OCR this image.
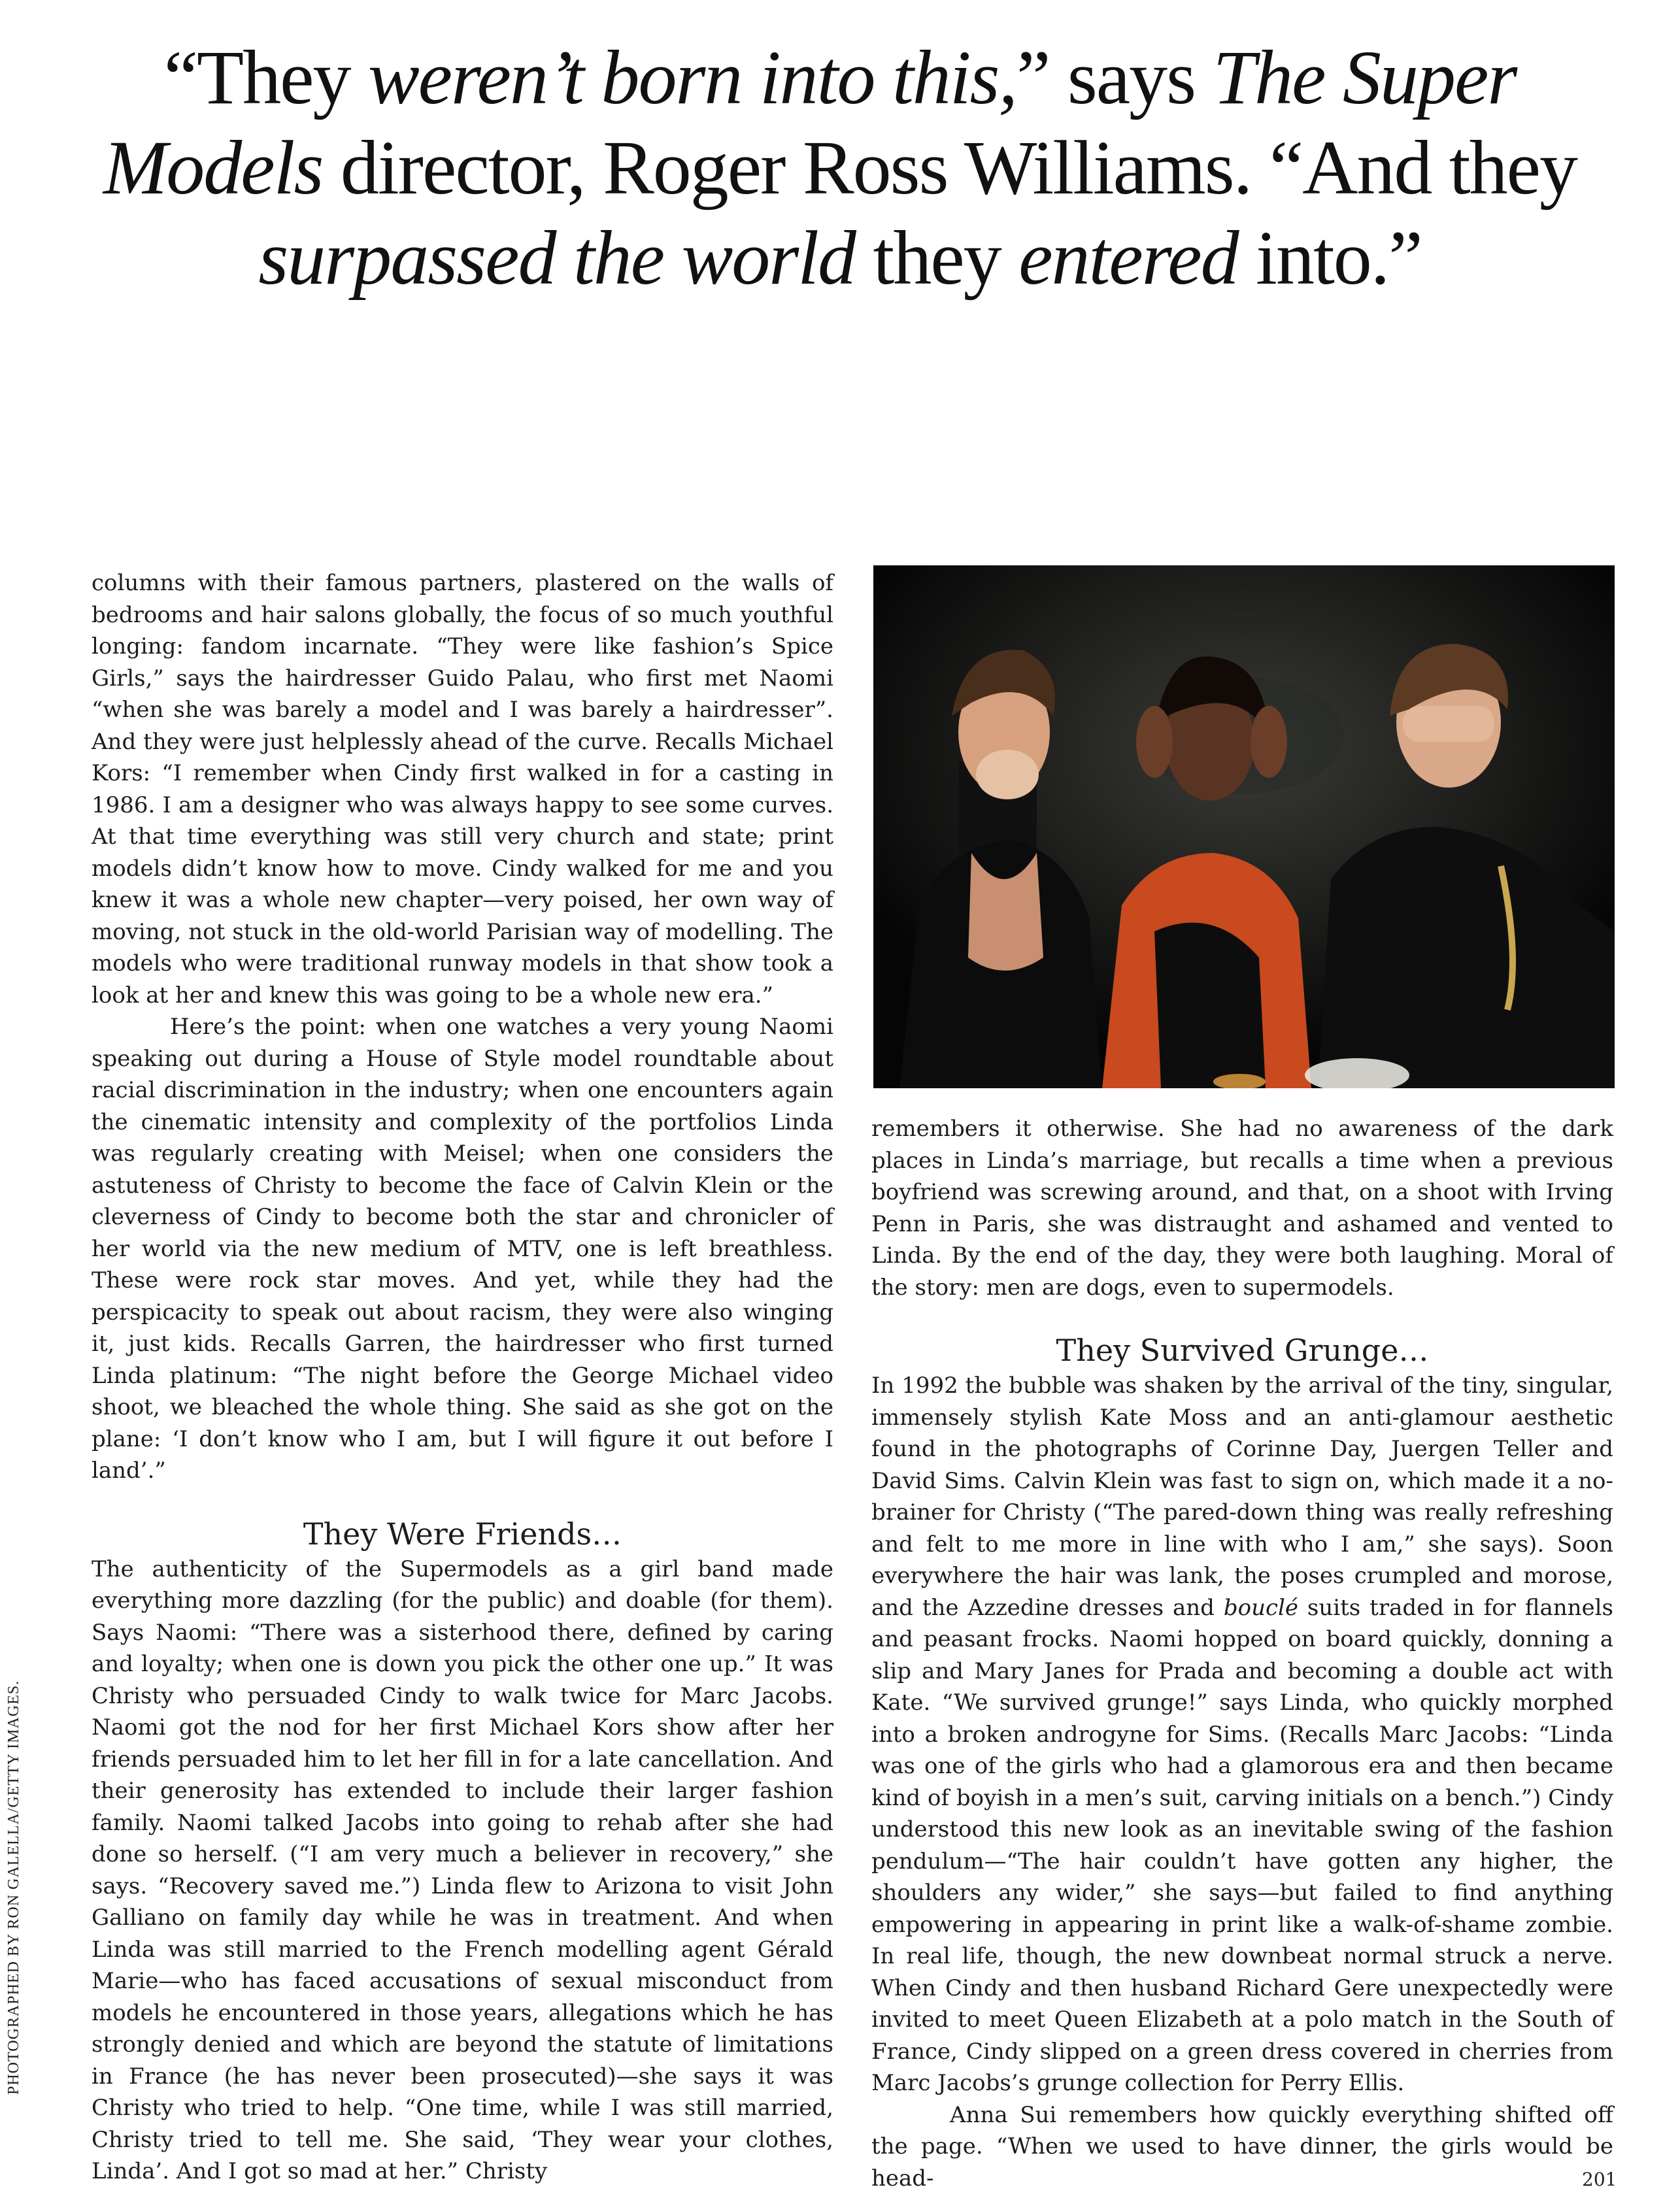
“They weren’t born into this,” says The Super Models director, Roger Ross Williams. “And they surpassed the world they entered into.”

columns with their famous partners, plastered on the walls of bedrooms and hair salons globally, the focus of so much youthful longing: fandom incarnate. “They were like fashion’s Spice Girls,” says the hairdresser Guido Palau, who first met Naomi “when she was barely a model and I was barely a hairdresser”. And they were just helplessly ahead of the curve. Recalls Michael Kors: “I remember when Cindy first walked in for a casting in 1986. I am a designer who was always happy to see some curves. At that time everything was still very church and state; print models didn’t know how to move. Cindy walked for me and you knew it was a whole new chapter—very poised, her own way of moving, not stuck in the old-world Parisian way of modelling. The models who were traditional runway models in that show took a look at her and knew this was going to be a whole new era.”

Here’s the point: when one watches a very young Naomi speaking out during a House of Style model roundtable about racial discrimination in the industry; when one encounters again the cinematic intensity and complexity of the portfolios Linda was regularly creating with Meisel; when one considers the astuteness of Christy to become the face of Calvin Klein or the cleverness of Cindy to become both the star and chronicler of her world via the new medium of MTV, one is left breathless. These were rock star moves. And yet, while they had the perspicacity to speak out about racism, they were also winging it, just kids. Recalls Garren, the hairdresser who first turned Linda platinum: “The night before the George Michael video shoot, we bleached the whole thing. She said as she got on the plane: ‘I don’t know who I am, but I will figure it out before I land’.”

They Were Friends…

The authenticity of the Supermodels as a girl band made everything more dazzling (for the public) and doable (for them). Says Naomi: “There was a sisterhood there, defined by caring and loyalty; when one is down you pick the other one up.” It was Christy who persuaded Cindy to walk twice for Marc Jacobs. Naomi got the nod for her first Michael Kors show after her friends persuaded him to let her fill in for a late cancellation. And their generosity has extended to include their larger fashion family. Naomi talked Jacobs into going to rehab after she had done so herself. (“I am very much a believer in recovery,” she says. “Recovery saved me.”) Linda flew to Arizona to visit John Galliano on family day while he was in treatment. And when Linda was still married to the French modelling agent Gérald Marie—who has faced accusations of sexual misconduct from models he encountered in those years, allegations which he has strongly denied and which are beyond the statute of limitations in France (he has never been prosecuted)—she says it was Christy who tried to help. “One time, while I was still married, Christy tried to tell me. She said, ‘They wear your clothes, Linda’. And I got so mad at her.” Christy

remembers it otherwise. She had no awareness of the dark places in Linda’s marriage, but recalls a time when a previous boyfriend was screwing around, and that, on a shoot with Irving Penn in Paris, she was distraught and ashamed and vented to Linda. By the end of the day, they were both laughing. Moral of the story: men are dogs, even to supermodels.

They Survived Grunge…

In 1992 the bubble was shaken by the arrival of the tiny, singular, immensely stylish Kate Moss and an anti-glamour aesthetic found in the photographs of Corinne Day, Juergen Teller and David Sims. Calvin Klein was fast to sign on, which made it a no-brainer for Christy (“The pared-down thing was really refreshing and felt to me more in line with who I am,” she says). Soon everywhere the hair was lank, the poses crumpled and morose, and the Azzedine dresses and bouclé suits traded in for flannels and peasant frocks. Naomi hopped on board quickly, donning a slip and Mary Janes for Prada and becoming a double act with Kate. “We survived grunge!” says Linda, who quickly morphed into a broken androgyne for Sims. (Recalls Marc Jacobs: “Linda was one of the girls who had a glamorous era and then became kind of boyish in a men’s suit, carving initials on a bench.”) Cindy understood this new look as an inevitable swing of the fashion pendulum—“The hair couldn’t have gotten any higher, the shoulders any wider,” she says—but failed to find anything empowering in appearing in print like a walk-of-shame zombie. In real life, though, the new downbeat normal struck a nerve. When Cindy and then husband Richard Gere unexpectedly were invited to meet Queen Elizabeth at a polo match in the South of France, Cindy slipped on a green dress covered in cherries from Marc Jacobs’s grunge collection for Perry Ellis.

Anna Sui remembers how quickly everything shifted off the page. “When we used to have dinner, the girls would be head-

PHOTOGRAPHED BY RON GALELLA/GETTY IMAGES.
201
